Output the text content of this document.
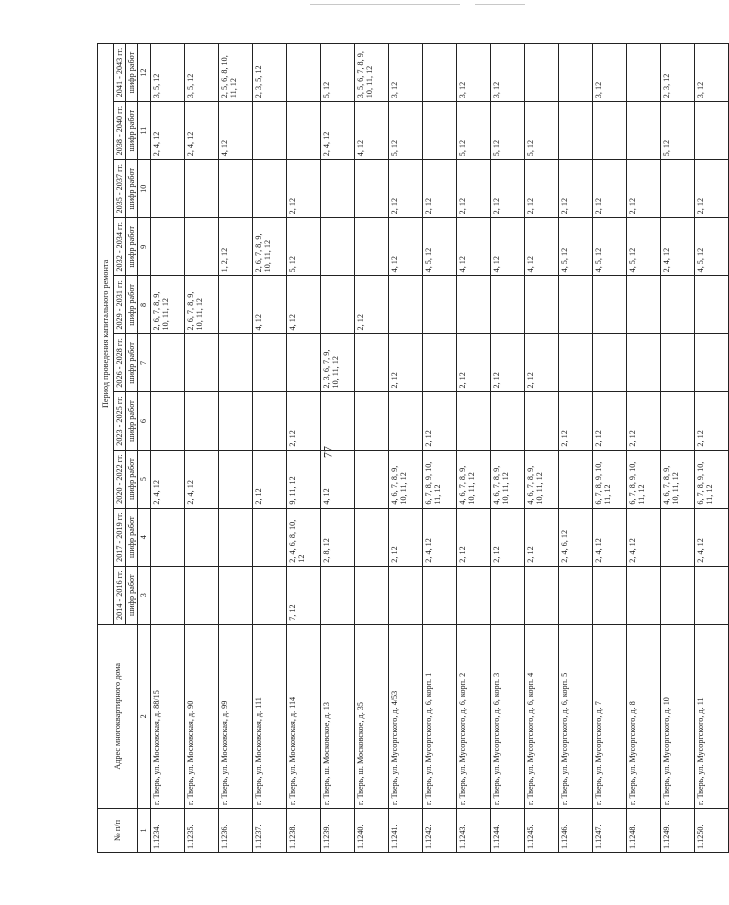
77
№ п/п	Адрес многоквартирного дома	Период проведения капитального ремонта									
		2014 - 2016 гг.	2017 - 2019 гг.	2020 - 2022 гг.	2023 - 2025 гг.	2026 - 2028 гг.	2029 - 2031 гг.	2032 - 2034 гг.	2035 - 2037 гг.	2038 - 2040 гг.	2041 - 2043 гг.
		шифр работ	шифр работ	шифр работ	шифр работ	шифр работ	шифр работ	шифр работ	шифр работ	шифр работ	шифр работ
1	2	3	4	5	6	7	8	9	10	11	12
1.1234.	г. Тверь, ул. Московская, д. 88/15			2, 4, 12			2, 6, 7, 8, 9, 10, 11, 12			2, 4, 12	3, 5, 12
1.1235.	г. Тверь, ул. Московская, д. 90			2, 4, 12			2, 6, 7, 8, 9, 10, 11, 12			2, 4, 12	3, 5, 12
1.1236.	г. Тверь, ул. Московская, д. 99							1, 2, 12		4, 12	2, 5, 6, 8, 10, 11, 12
1.1237.	г. Тверь, ул. Московская, д. 111			2, 12			4, 12	2, 6, 7, 8, 9, 10, 11, 12			2, 3, 5, 12
1.1238.	г. Тверь, ул. Московская, д. 114	7, 12	2, 4, 6, 8, 10, 12	9, 11, 12	2, 12		4, 12	5, 12	2, 12		
1.1239.	г. Тверь, ш. Московское, д. 13		2, 8, 12	4, 12		2, 3, 6, 7, 9, 10, 11, 12				2, 4, 12	5, 12
1.1240.	г. Тверь, ш. Московское, д. 35						2, 12			4, 12	3, 5, 6, 7, 8, 9, 10, 11, 12
1.1241.	г. Тверь, ул. Мусоргского, д. 4/53		2, 12	4, 6, 7, 8, 9, 10, 11, 12		2, 12		4, 12	2, 12	5, 12	3, 12
1.1242.	г. Тверь, ул. Мусоргского, д. 6, корп. 1		2, 4, 12	6, 7, 8, 9, 10, 11, 12	2, 12			4, 5, 12	2, 12		
1.1243.	г. Тверь, ул. Мусоргского, д. 6, корп. 2		2, 12	4, 6, 7, 8, 9, 10, 11, 12		2, 12		4, 12	2, 12	5, 12	3, 12
1.1244.	г. Тверь, ул. Мусоргского, д. 6, корп. 3		2, 12	4, 6, 7, 8, 9, 10, 11, 12		2, 12		4, 12	2, 12	5, 12	3, 12
1.1245.	г. Тверь, ул. Мусоргского, д. 6, корп. 4		2, 12	4, 6, 7, 8, 9, 10, 11, 12		2, 12		4, 12	2, 12	5, 12	
1.1246.	г. Тверь, ул. Мусоргского, д. 6, корп. 5		2, 4, 6, 12		2, 12			4, 5, 12	2, 12		
1.1247.	г. Тверь, ул. Мусоргского, д. 7		2, 4, 12	6, 7, 8, 9, 10, 11, 12	2, 12			4, 5, 12	2, 12		3, 12
1.1248.	г. Тверь, ул. Мусоргского, д. 8		2, 4, 12	6, 7, 8, 9, 10, 11, 12	2, 12			4, 5, 12	2, 12		
1.1249.	г. Тверь, ул. Мусоргского, д. 10			4, 6, 7, 8, 9, 10, 11, 12				2, 4, 12		5, 12	2, 3, 12
1.1250.	г. Тверь, ул. Мусоргского, д. 11		2, 4, 12	6, 7, 8, 9, 10, 11, 12	2, 12			4, 5, 12	2, 12		3, 12
